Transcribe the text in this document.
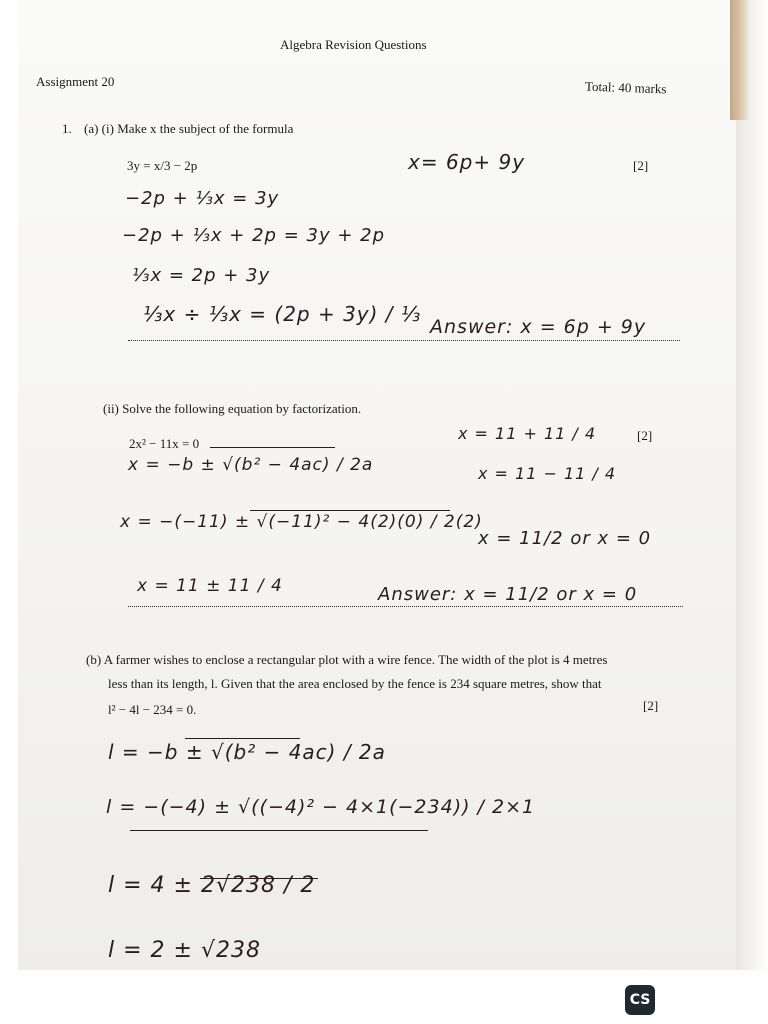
Algebra Revision Questions
Assignment 20	Total: 40 marks
1. (a) (i) Make x the subject of the formula
3y = x/3 − 2p	[2]
x= 6p+ 9y
−2p + ⅓x = 3y
−2p + ⅓x + 2p = 3y + 2p
⅓x = 2p + 3y
⅓x ÷ ⅓x = (2p + 3y) / ⅓
Answer: x = 6p + 9y
(ii) Solve the following equation by factorization.
2x² − 11x = 0
[2]
x = −b ± √(b² − 4ac) / 2a
x = −(−11) ± √(−11)² − 4(2)(0) / 2(2)
x = 11 ± 11 / 4
x = 11 + 11 / 4
x = 11 − 11 / 4
x = 11/2 or x = 0
Answer: x = 11/2 or x = 0
(b) A farmer wishes to enclose a rectangular plot with a wire fence. The width of the plot is 4 metres
less than its length, l. Given that the area enclosed by the fence is 234 square metres, show that
l² − 4l − 234 = 0.	[2]
l = −b ± √(b² − 4ac) / 2a
l = −(−4) ± √((−4)² − 4×1(−234)) / 2×1
l = 4 ± 2√238 / 2
l = 2 ± √238
CS
